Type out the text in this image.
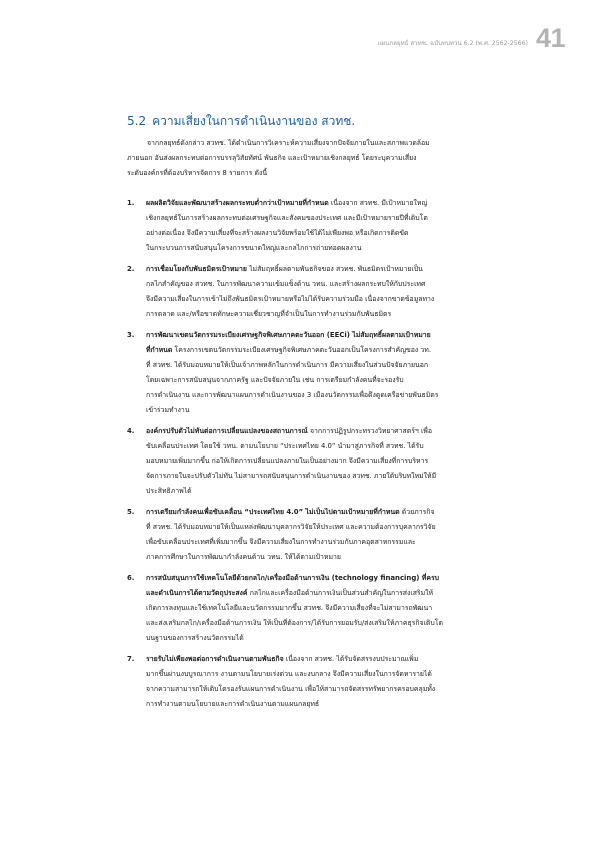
แผนกลยุทธ์ สวทช. ฉบับทบทวน 6.2 (พ.ศ. 2562-2566) 41
5.2 ความเสี่ยงในการดำเนินงานของ สวทช.
จากกลยุทธ์ดังกล่าว สวทช. ได้ดำเนินการวิเคราะห์ความเสี่ยงจากปัจจัยภายในและสภาพแวดล้อม
ภายนอก อันส่งผลกระทบต่อการบรรลุวิสัยทัศน์ พันธกิจ และเป้าหมายเชิงกลยุทธ์ โดยระบุความเสี่ยง
ระดับองค์กรที่ต้องบริหารจัดการ 8 รายการ ดังนี้
1. ผลผลิตวิจัยและพัฒนาสร้างผลกระทบต่ำกว่าเป้าหมายที่กำหนด เนื่องจาก สวทช. มีเป้าหมายใหญ่
เชิงกลยุทธ์ในการสร้างผลกระทบต่อเศรษฐกิจและสังคมของประเทศ และมีเป้าหมายรายปีที่เติบโต
อย่างต่อเนื่อง จึงมีความเสี่ยงที่จะสร้างผลงานวิจัยพร้อมใช้ได้ไม่เพียงพอ หรือเกิดการติดขัด
ในกระบวนการสนับสนุนโครงการขนาดใหญ่และกลไกการถ่ายทอดผลงาน
2. การเชื่อมโยงกับพันธมิตรเป้าหมาย ไม่สัมฤทธิ์ผลตามพันธกิจของ สวทช. พันธมิตรเป้าหมายเป็น
กลไกสำคัญของ สวทช. ในการพัฒนาความเข้มแข็งด้าน วทน. และสร้างผลกระทบให้กับประเทศ
จึงมีความเสี่ยงในการเข้าไม่ถึงพันธมิตรเป้าหมายหรือไม่ได้รับความร่วมมือ เนื่องจากขาดข้อมูลทาง
การตลาด และ/หรือขาดทักษะความเชี่ยวชาญที่จำเป็นในการทำงานร่วมกับพันธมิตร
3. การพัฒนาเขตนวัตกรรมระเบียงเศรษฐกิจพิเศษภาคตะวันออก (EECi) ไม่สัมฤทธิ์ผลตามเป้าหมาย
ที่กำหนด โครงการเขตนวัตกรรมระเบียงเศรษฐกิจพิเศษภาคตะวันออกเป็นโครงการสำคัญของ วท.
ที่ สวทช. ได้รับมอบหมายให้เป็นเจ้าภาพหลักในการดำเนินการ มีความเสี่ยงในส่วนปัจจัยภายนอก
โดยเฉพาะการสนับสนุนจากภาครัฐ และปัจจัยภายใน เช่น การเตรียมกำลังคนที่จะรองรับ
การดำเนินงาน และการพัฒนาแผนการดำเนินงานของ 3 เมืองนวัตกรรมเพื่อดึงดูดเครือข่ายพันธมิตร
เข้าร่วมทำงาน
4. องค์กรปรับตัวไม่ทันต่อการเปลี่ยนแปลงของสถานการณ์ จากการปฏิรูปกระทรวงวิทยาศาสตร์ฯ เพื่อ
ขับเคลื่อนประเทศ โดยใช้ วทน. ตามนโยบาย “ประเทศไทย 4.0” นำมาสู่ภารกิจที่ สวทช. ได้รับ
มอบหมายเพิ่มมากขึ้น ก่อให้เกิดการเปลี่ยนแปลงภายในเป็นอย่างมาก จึงมีความเสี่ยงที่การบริหาร
จัดการภายในจะปรับตัวไม่ทัน ไม่สามารถสนับสนุนการดำเนินงานของ สวทช. ภายใต้บริบทใหม่ให้มี
ประสิทธิภาพได้
5. การเตรียมกำลังคนเพื่อขับเคลื่อน “ประเทศไทย 4.0” ไม่เป็นไปตามเป้าหมายที่กำหนด ด้วยภารกิจ
ที่ สวทช. ได้รับมอบหมายให้เป็นแหล่งพัฒนาบุคลากรวิจัยให้ประเทศ และความต้องการบุคลากรวิจัย
เพื่อขับเคลื่อนประเทศที่เพิ่มมากขึ้น จึงมีความเสี่ยงในการทำงานร่วมกับภาคอุตสาหกรรมและ
ภาคการศึกษาในการพัฒนากำลังคนด้าน วทน. ให้ได้ตามเป้าหมาย
6. การสนับสนุนการใช้เทคโนโลยีด้วยกลไก/เครื่องมือด้านการเงิน (technology financing) ที่ครบ
และดำเนินการได้ตามวัตถุประสงค์ กลไกและเครื่องมือด้านการเงินเป็นส่วนสำคัญในการส่งเสริมให้
เกิดการลงทุนและใช้เทคโนโลยีและนวัตกรรมมากขึ้น สวทช. จึงมีความเสี่ยงที่จะไม่สามารถพัฒนา
และส่งเสริมกลไก/เครื่องมือด้านการเงิน ให้เป็นที่ต้องการ/ได้รับการยอมรับ/ส่งเสริมให้ภาคธุรกิจเติบโต
บนฐานของการสร้างนวัตกรรมได้
7. รายรับไม่เพียงพอต่อการดำเนินงานตามพันธกิจ เนื่องจาก สวทช. ได้รับจัดสรรงบประมาณเพิ่ม
มากขึ้นผ่านงบบูรณาการ งานตามนโยบายเร่งด่วน และงบกลาง จึงมีความเสี่ยงในการจัดหารายได้
จากความสามารถให้เติบโตรองรับแผนการดำเนินงาน เพื่อให้สามารถจัดสรรทรัพยากรครอบคลุมทั้ง
การทำงานตามนโยบายและการดำเนินงานตามแผนกลยุทธ์
